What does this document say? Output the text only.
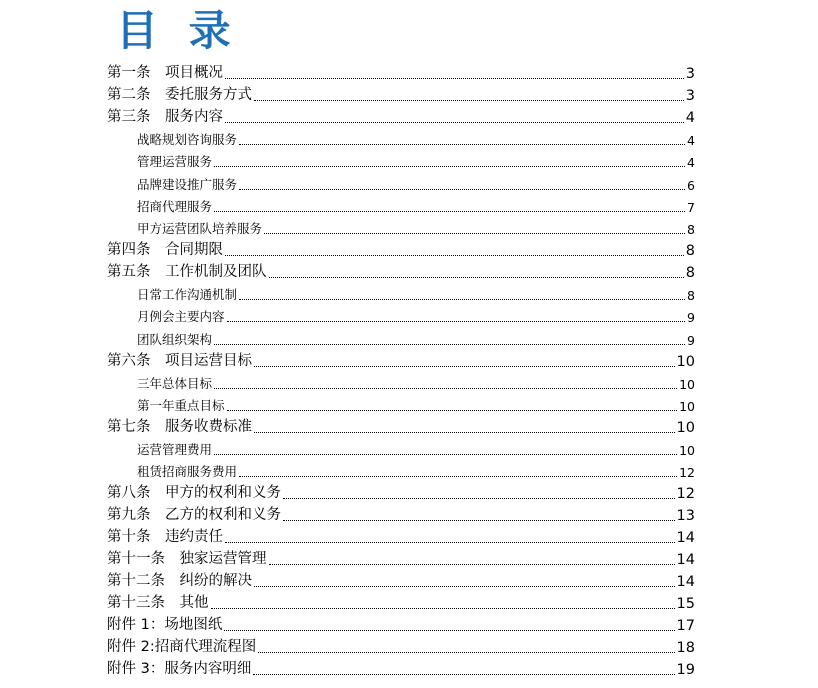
目 录
第一条　项目概况	3
第二条　委托服务方式	3
第三条　服务内容	4
战略规划咨询服务	4
管理运营服务	4
品牌建设推广服务	6
招商代理服务	7
甲方运营团队培养服务	8
第四条　合同期限	8
第五条　工作机制及团队	8
日常工作沟通机制	8
月例会主要内容	9
团队组织架构	9
第六条　项目运营目标	10
三年总体目标	10
第一年重点目标	10
第七条　服务收费标准	10
运营管理费用	10
租赁招商服务费用	12
第八条　甲方的权利和义务	12
第九条　乙方的权利和义务	13
第十条　违约责任	14
第十一条　独家运营管理	14
第十二条　纠纷的解决	14
第十三条　其他	15
附件 1：场地图纸	17
附件 2:招商代理流程图	18
附件 3：服务内容明细	19
